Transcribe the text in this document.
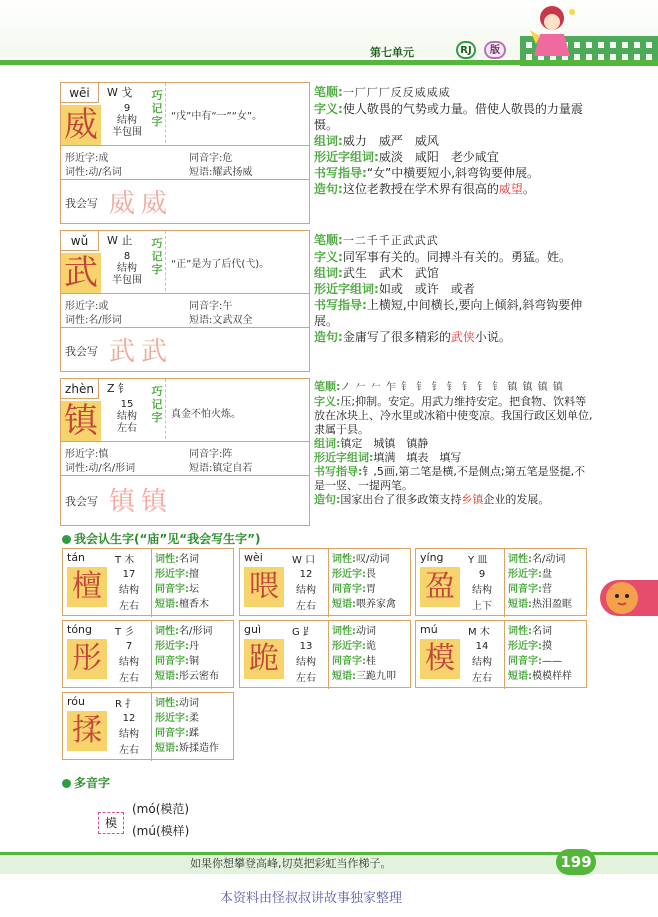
第七单元	RJ	版
wēi	W 戈
威	9
结构
半包围
巧
记
字 “戊”中有“一”“女”。
形近字:成	同音字:危
词性:动/名词	短语:耀武扬威
我会写 威威
笔顺:一厂厂厂反反威威威
字义:使人敬畏的气势或力量。借使人敬畏的力量震慑。
组词:威力　威严　威风
形近字组词:威淡　咸阳　老少咸宜
书写指导:“女”中横要短小,斜弯钩要伸展。
造句:这位老教授在学术界有很高的威望。
wǔ	W 止
武	8
结构
半包围
巧
记
字 “正”是为了后代(弋)。
形近字:或	同音字:午
词性:名/形词	短语:文武双全
我会写 武武
笔顺:一二千千正武武武
字义:同军事有关的。同搏斗有关的。勇猛。姓。
组词:武生　武术　武馆
形近字组词:如或　或许　或者
书写指导:上横短,中间横长,要向上倾斜,斜弯钩要伸展。
造句:金庸写了很多精彩的武侠小说。
zhèn	Z 钅
镇	15
结构
左右
巧
记
字 真金不怕火炼。
形近字:慎	同音字:阵
词性:动/名/形词	短语:镇定自若
我会写 镇镇
笔顺:ノ 𠂉 𠂉 乍 钅 钅 钅 钅 钅 钅 钅 镇 镇 镇 镇
字义:压;抑制。安定。用武力维持安定。把食物、饮料等放在冰块上、冷水里或冰箱中使变凉。我国行政区划单位,隶属于县。
组词:镇定　城镇　镇静
形近字组词:填满　填表　填写
书写指导:钅,5画,第二笔是横,不是侧点;第五笔是竖提,不是一竖、一提两笔。
造句:国家出台了很多政策支持乡镇企业的发展。
我会认生字(“庙”见“我会写生字”)
tán	T 木
檀	17
结构
左右
词性:名词
形近字:擅
同音字:坛
短语:檀香木
wèi	W 口
喂	12
结构
左右
词性:叹/动词
形近字:畏
同音字:胃
短语:喂养家禽
yíng Y 皿
盈	9
结构
上下
词性:名/动词
形近字:盘
同音字:营
短语:热泪盈眶
tóng T 彡
彤	7
结构
左右
词性:名/形词
形近字:丹
同音字:铜
短语:彤云密布
guì	G 𧾷
跪	13
结构
左右
词性:动词
形近字:诡
同音字:桂
短语:三跪九叩
mú	M 木
模	14
结构
左右
词性:名词
形近字:摸
同音字:——
短语:模模样样
róu	R 扌
揉	12
结构
左右
词性:动词
形近字:柔
同音字:蹂
短语:矫揉造作
多音字
模
(mó(模范)
(mú(模样)
如果你想攀登高峰,切莫把彩虹当作梯子。	199
本资料由怪叔叔讲故事独家整理
